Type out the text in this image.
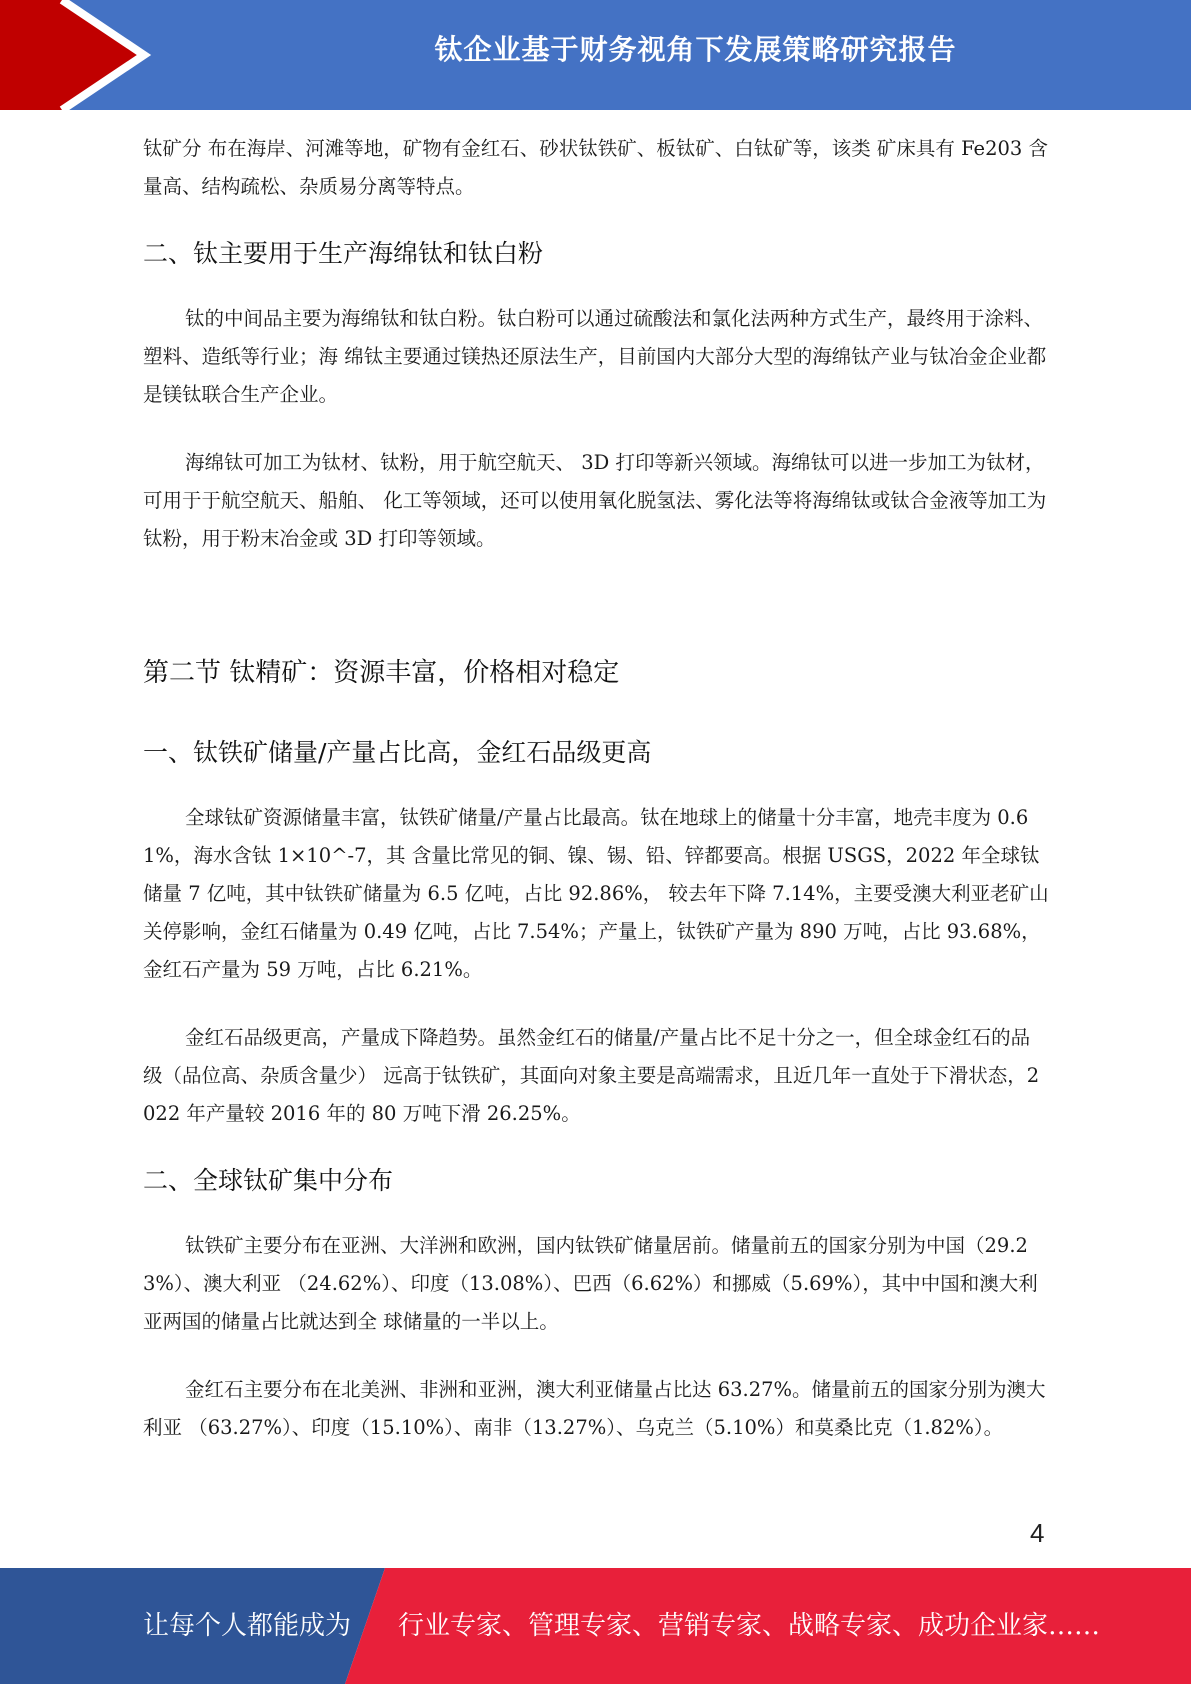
钛企业基于财务视角下发展策略研究报告

钛矿分 布在海岸、河滩等地，矿物有金红石、砂状钛铁矿、板钛矿、白钛矿等，该类 矿床具有 Fe203 含量高、结构疏松、杂质易分离等特点。

二、钛主要用于生产海绵钛和钛白粉

钛的中间品主要为海绵钛和钛白粉。钛白粉可以通过硫酸法和氯化法两种方式生产，最终用于涂料、塑料、造纸等行业；海 绵钛主要通过镁热还原法生产，目前国内大部分大型的海绵钛产业与钛冶金企业都是镁钛联合生产企业。

海绵钛可加工为钛材、钛粉，用于航空航天、 3D 打印等新兴领域。海绵钛可以进一步加工为钛材，可用于于航空航天、船舶、 化工等领域，还可以使用氧化脱氢法、雾化法等将海绵钛或钛合金液等加工为钛粉，用于粉末冶金或 3D 打印等领域。

第二节 钛精矿：资源丰富，价格相对稳定
一、钛铁矿储量/产量占比高，金红石品级更高

全球钛矿资源储量丰富，钛铁矿储量/产量占比最高。钛在地球上的储量十分丰富，地壳丰度为 0.61%，海水含钛 1×10^-7，其 含量比常见的铜、镍、锡、铅、锌都要高。根据 USGS，2022 年全球钛储量 7 亿吨，其中钛铁矿储量为 6.5 亿吨，占比 92.86%， 较去年下降 7.14%，主要受澳大利亚老矿山关停影响，金红石储量为 0.49 亿吨，占比 7.54%；产量上，钛铁矿产量为 890 万吨，占比 93.68%，金红石产量为 59 万吨，占比 6.21%。

金红石品级更高，产量成下降趋势。虽然金红石的储量/产量占比不足十分之一，但全球金红石的品级（品位高、杂质含量少） 远高于钛铁矿，其面向对象主要是高端需求，且近几年一直处于下滑状态，2022 年产量较 2016 年的 80 万吨下滑 26.25%。

二、全球钛矿集中分布

钛铁矿主要分布在亚洲、大洋洲和欧洲，国内钛铁矿储量居前。储量前五的国家分别为中国（29.23%）、澳大利亚 （24.62%）、印度（13.08%）、巴西（6.62%）和挪威（5.69%），其中中国和澳大利亚两国的储量占比就达到全 球储量的一半以上。

金红石主要分布在北美洲、非洲和亚洲，澳大利亚储量占比达 63.27%。储量前五的国家分别为澳大利亚 （63.27%）、印度（15.10%）、南非（13.27%）、乌克兰（5.10%）和莫桑比克（1.82%）。

4
让每个人都能成为 行业专家、管理专家、营销专家、战略专家、成功企业家……
